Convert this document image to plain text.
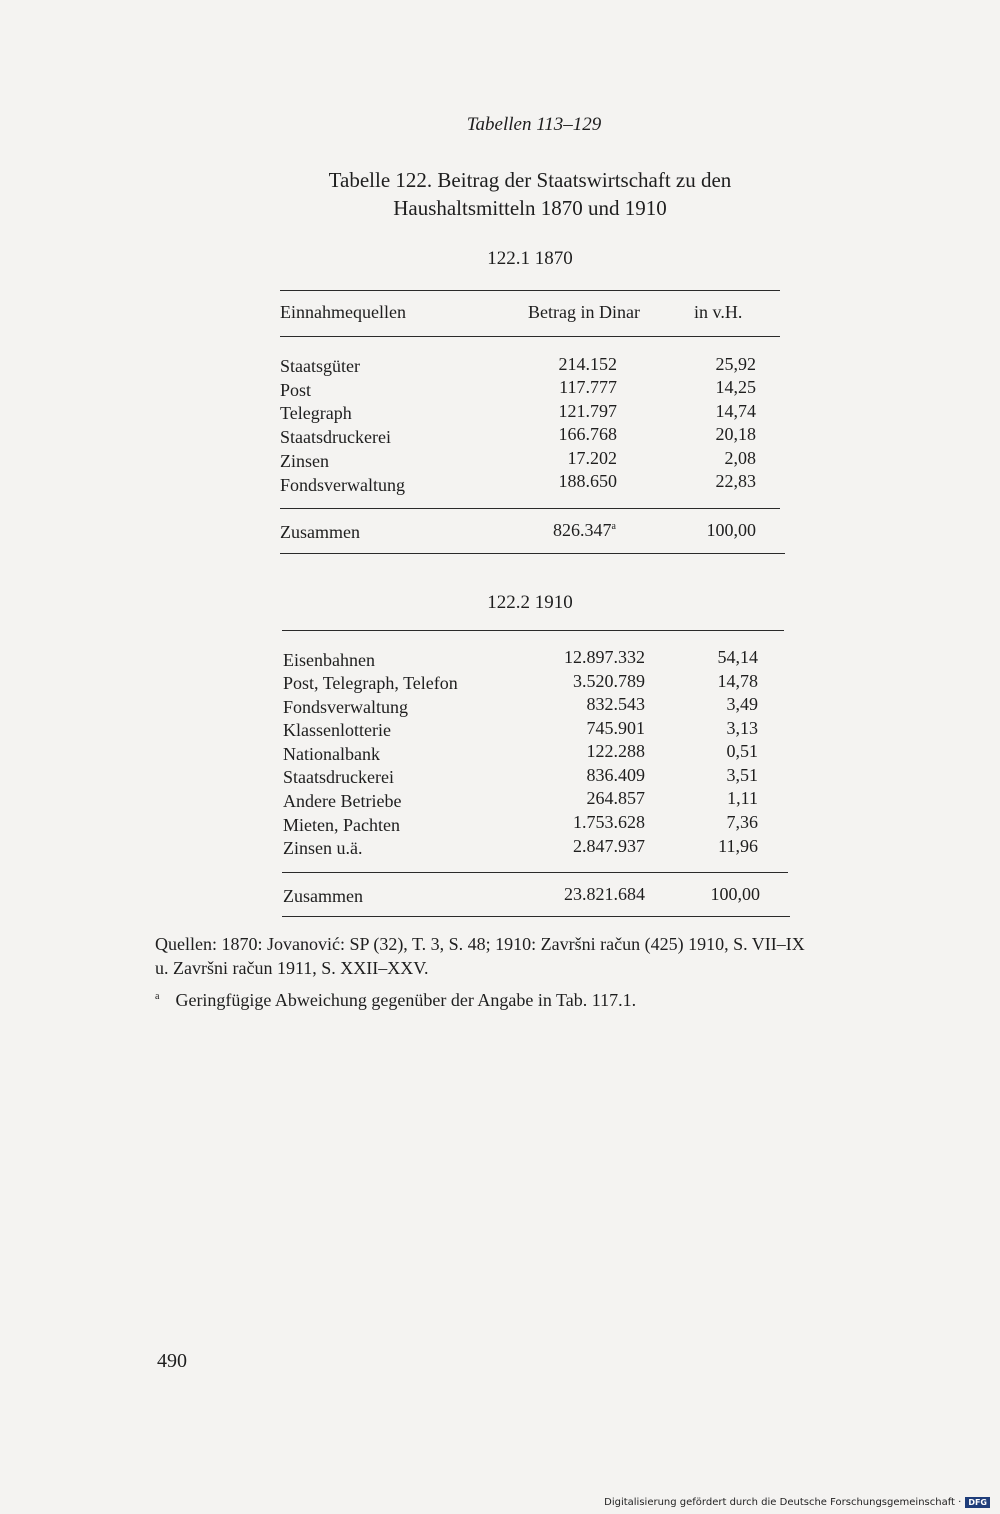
Tabellen 113–129
Tabelle 122. Beitrag der Staatswirtschaft zu den
Haushaltsmitteln 1870 und 1910
122.1 1870
Einnahmequellen	Betrag in Dinar	in v.H.
Staatsgüter	214.152	25,92
Post	117.777	14,25
Telegraph	121.797	14,74
Staatsdruckerei	166.768	20,18
Zinsen	17.202	2,08
Fondsverwaltung	188.650	22,83
Zusammen	826.347$^a$	100,00
122.2 1910
Eisenbahnen	12.897.332	54,14
Post, Telegraph, Telefon	3.520.789	14,78
Fondsverwaltung	832.543	3,49
Klassenlotterie	745.901	3,13
Nationalbank	122.288	0,51
Staatsdruckerei	836.409	3,51
Andere Betriebe	264.857	1,11
Mieten, Pachten	1.753.628	7,36
Zinsen u.ä.	2.847.937	11,96
Zusammen	23.821.684	100,00
Quellen: 1870: Jovanović: SP (32), T. 3, S. 48; 1910: Završni račun (425) 1910, S. VII–IX
u. Završni račun 1911, S. XXII–XXV.
$^a$ Geringfügige Abweichung gegenüber der Angabe in Tab. 117.1.
490
Digitalisierung gefördert durch die Deutsche Forschungsgemeinschaft · DFG
